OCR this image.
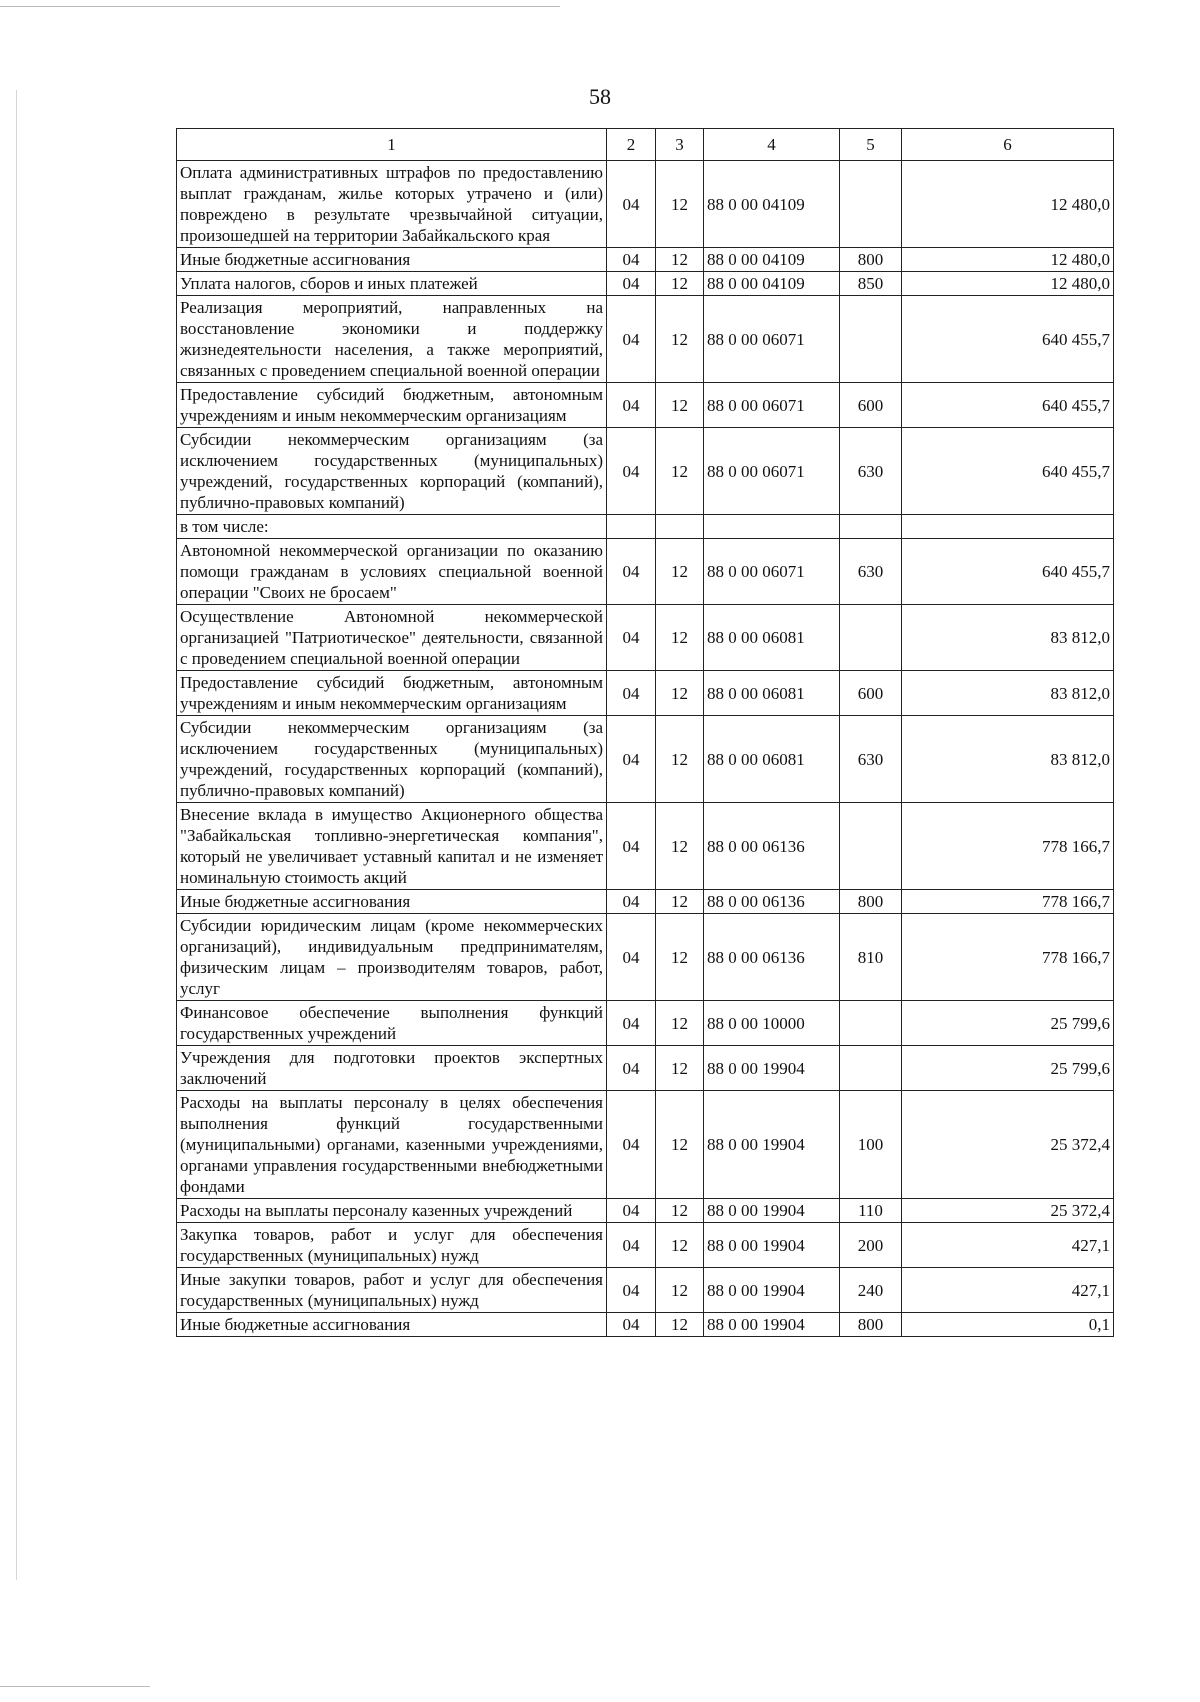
58
1	2	3	4	5	6
Оплата административных штрафов по предоставлению выплат гражданам, жилье которых утрачено и (или) повреждено в результате чрезвычайной ситуации, произошедшей на территории Забайкальского края	04	12	88 0 00 04109		12 480,0
Иные бюджетные ассигнования	04	12	88 0 00 04109	800	12 480,0
Уплата налогов, сборов и иных платежей	04	12	88 0 00 04109	850	12 480,0
Реализация мероприятий, направленных на восстановление экономики и поддержку жизнедеятельности населения, а также мероприятий, связанных с проведением специальной военной операции	04	12	88 0 00 06071		640 455,7
Предоставление субсидий бюджетным, автономным учреждениям и иным некоммерческим организациям	04	12	88 0 00 06071	600	640 455,7
Субсидии некоммерческим организациям (за исключением государственных (муниципальных) учреждений, государственных корпораций (компаний), публично-правовых компаний)	04	12	88 0 00 06071	630	640 455,7
в том числе:					
Автономной некоммерческой организации по оказанию помощи гражданам в условиях специальной военной операции "Своих не бросаем"	04	12	88 0 00 06071	630	640 455,7
Осуществление Автономной некоммерческой организацией "Патриотическое" деятельности, связанной с проведением специальной военной операции	04	12	88 0 00 06081		83 812,0
Предоставление субсидий бюджетным, автономным учреждениям и иным некоммерческим организациям	04	12	88 0 00 06081	600	83 812,0
Субсидии некоммерческим организациям (за исключением государственных (муниципальных) учреждений, государственных корпораций (компаний), публично-правовых компаний)	04	12	88 0 00 06081	630	83 812,0
Внесение вклада в имущество Акционерного общества "Забайкальская топливно-энергетическая компания", который не увеличивает уставный капитал и не изменяет номинальную стоимость акций	04	12	88 0 00 06136		778 166,7
Иные бюджетные ассигнования	04	12	88 0 00 06136	800	778 166,7
Субсидии юридическим лицам (кроме некоммерческих организаций), индивидуальным предпринимателям, физическим лицам – производителям товаров, работ, услуг	04	12	88 0 00 06136	810	778 166,7
Финансовое обеспечение выполнения функций государственных учреждений	04	12	88 0 00 10000		25 799,6
Учреждения для подготовки проектов экспертных заключений	04	12	88 0 00 19904		25 799,6
Расходы на выплаты персоналу в целях обеспечения выполнения функций государственными (муниципальными) органами, казенными учреждениями, органами управления государственными внебюджетными фондами	04	12	88 0 00 19904	100	25 372,4
Расходы на выплаты персоналу казенных учреждений	04	12	88 0 00 19904	110	25 372,4
Закупка товаров, работ и услуг для обеспечения государственных (муниципальных) нужд	04	12	88 0 00 19904	200	427,1
Иные закупки товаров, работ и услуг для обеспечения государственных (муниципальных) нужд	04	12	88 0 00 19904	240	427,1
Иные бюджетные ассигнования	04	12	88 0 00 19904	800	0,1
